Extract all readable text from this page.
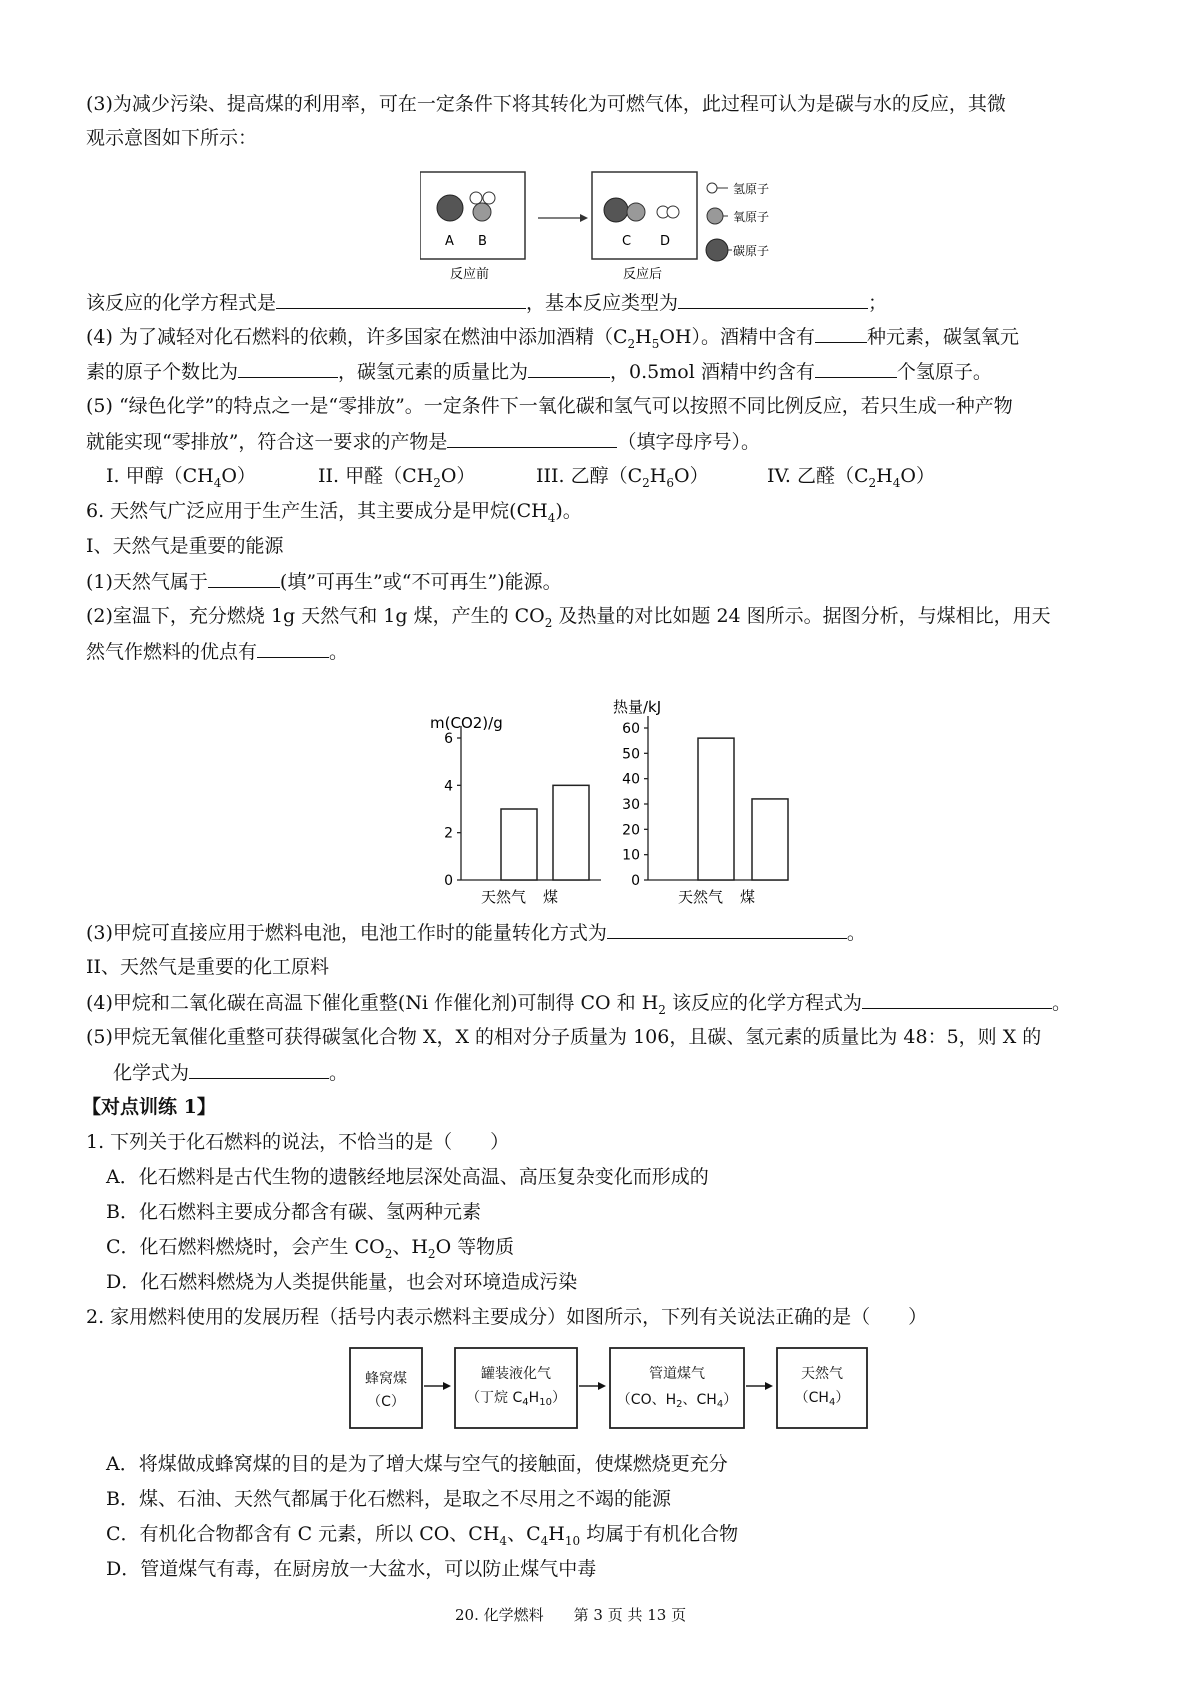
(3)为减少污染、提高煤的利用率，可在一定条件下将其转化为可燃气体，此过程可认为是碳与水的反应，其微
观示意图如下所示：
A B
反应前
C D
反应后
氢原子
氧原子
碳原子
该反应的化学方程式是	，基本反应类型为	；
(4) 为了减轻对化石燃料的依赖，许多国家在燃油中添加酒精$(C_2H_5OH)$。酒精中含有	种元素，碳氢氧元
素的原子个数比为	，碳氢元素的质量比为	，0.5mol 酒精中约含有	个氢原子。
(5) “绿色化学”的特点之一是“零排放”。一定条件下一氧化碳和氢气可以按照不同比例反应，若只生成一种产物
就能实现“零排放”，符合这一要求的产物是	（填字母序号）。
I. 甲醇$(CH_4O)$	II. 甲醛$(CH_2O)$	III. 乙醇$(C_2H_6O)$	IV. 乙醛$(C_2H_4O)$
6. 天然气广泛应用于生产生活，其主要成分是甲烷$(CH_4)$。
I、天然气是重要的能源
(1)天然气属于	(填”可再生”或“不可再生”)能源。
(2)室温下，充分燃烧 1g 天然气和 1g 煤，产生的 $CO_2$ 及热量的对比如题 24 图所示。据图分析，与煤相比，用天
然气作燃料的优点有	。
m(CO2)/g
0
2
4
6
天然气 煤
热量/kJ
0
10
20
30
40
50
60
天然气 煤
(3)甲烷可直接应用于燃料电池，电池工作时的能量转化方式为	。
II、天然气是重要的化工原料
(4)甲烷和二氧化碳在高温下催化重整(Ni 作催化剂)可制得 CO 和 $H_2$ 该反应的化学方程式为	。
(5)甲烷无氧催化重整可获得碳氢化合物 X，X 的相对分子质量为 106，且碳、氢元素的质量比为 48：5，则 X 的
化学式为	。
【对点训练 1】
1. 下列关于化石燃料的说法，不恰当的是（　　）
A．化石燃料是古代生物的遗骸经地层深处高温、高压复杂变化而形成的
B．化石燃料主要成分都含有碳、氢两种元素
C．化石燃料燃烧时，会产生 $CO_2$、$H_2O$ 等物质
D．化石燃料燃烧为人类提供能量，也会对环境造成污染
2. 家用燃料使用的发展历程（括号内表示燃料主要成分）如图所示，下列有关说法正确的是（　　）
蜂窝煤
（C）
罐装液化气
（丁烷 $C_4H_{10}$）
管道煤气
（CO、$H_2$、$CH_4$）
天然气
$(CH_4)$
A．将煤做成蜂窝煤的目的是为了增大煤与空气的接触面，使煤燃烧更充分
B．煤、石油、天然气都属于化石燃料，是取之不尽用之不竭的能源
C．有机化合物都含有 C 元素，所以 CO、$CH_4$、$C_4H_{10}$ 均属于有机化合物
D．管道煤气有毒，在厨房放一大盆水，可以防止煤气中毒
20. 化学燃料　　第 3 页 共 13 页
